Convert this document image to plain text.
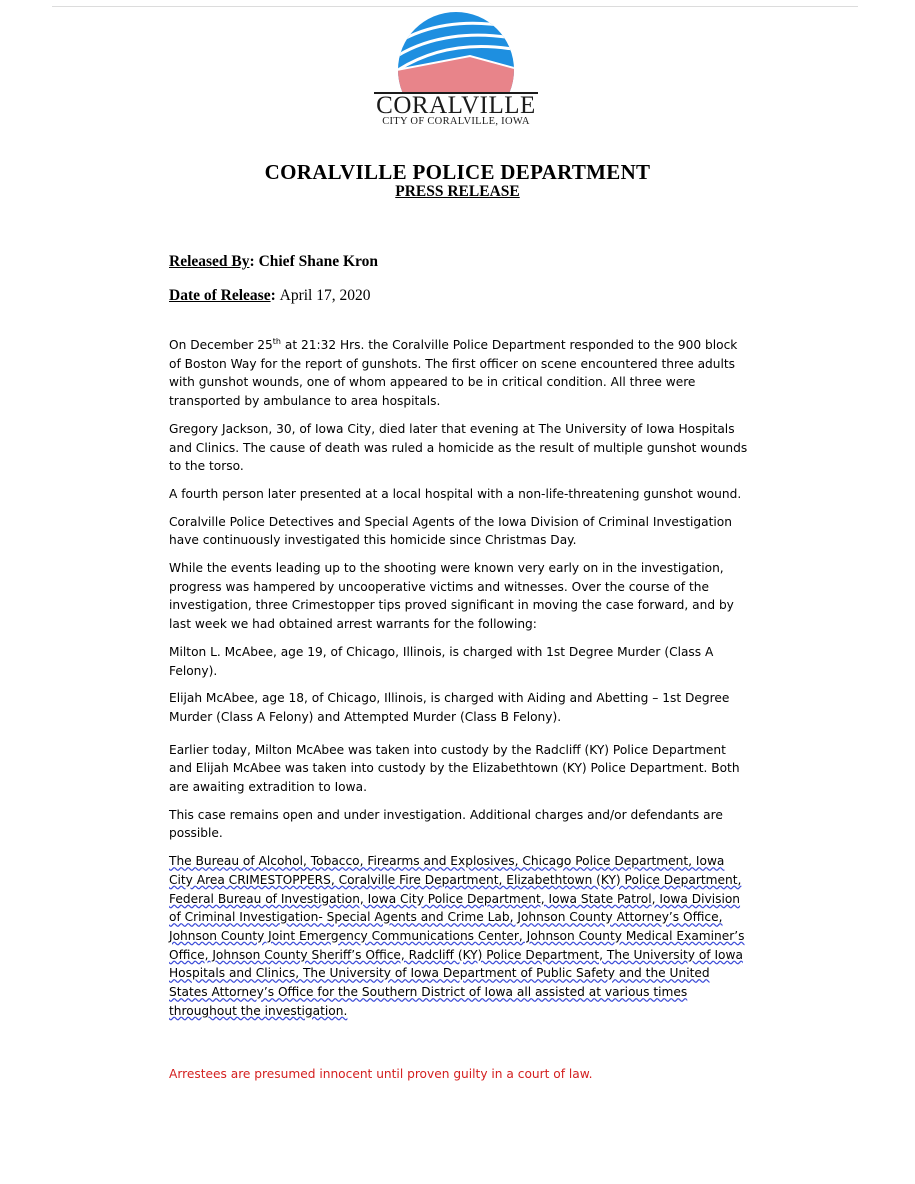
CORALVILLE
CITY OF CORALVILLE, IOWA
CORALVILLE POLICE DEPARTMENT
PRESS RELEASE
Released By: Chief Shane Kron
Date of Release: April 17, 2020

On December 25th at 21:32 Hrs. the Coralville Police Department responded to the 900 block of Boston Way for the report of gunshots. The first officer on scene encountered three adults with gunshot wounds, one of whom appeared to be in critical condition. All three were transported by ambulance to area hospitals.

Gregory Jackson, 30, of Iowa City, died later that evening at The University of Iowa Hospitals and Clinics. The cause of death was ruled a homicide as the result of multiple gunshot wounds to the torso.

A fourth person later presented at a local hospital with a non-life-threatening gunshot wound.

Coralville Police Detectives and Special Agents of the Iowa Division of Criminal Investigation have continuously investigated this homicide since Christmas Day.

While the events leading up to the shooting were known very early on in the investigation, progress was hampered by uncooperative victims and witnesses. Over the course of the investigation, three Crimestopper tips proved significant in moving the case forward, and by last week we had obtained arrest warrants for the following:

Milton L. McAbee, age 19, of Chicago, Illinois, is charged with 1st Degree Murder (Class A Felony).

Elijah McAbee, age 18, of Chicago, Illinois, is charged with Aiding and Abetting – 1st Degree Murder (Class A Felony) and Attempted Murder (Class B Felony).

Earlier today, Milton McAbee was taken into custody by the Radcliff (KY) Police Department and Elijah McAbee was taken into custody by the Elizabethtown (KY) Police Department. Both are awaiting extradition to Iowa.

This case remains open and under investigation. Additional charges and/or defendants are possible.

The Bureau of Alcohol, Tobacco, Firearms and Explosives, Chicago Police Department, Iowa City Area CRIMESTOPPERS, Coralville Fire Department, Elizabethtown (KY) Police Department, Federal Bureau of Investigation, Iowa City Police Department, Iowa State Patrol, Iowa Division of Criminal Investigation- Special Agents and Crime Lab, Johnson County Attorney’s Office, Johnson County Joint Emergency Communications Center, Johnson County Medical Examiner’s Office, Johnson County Sheriff’s Office, Radcliff (KY) Police Department, The University of Iowa Hospitals and Clinics, The University of Iowa Department of Public Safety and the United States Attorney’s Office for the Southern District of Iowa all assisted at various times throughout the investigation.

Arrestees are presumed innocent until proven guilty in a court of law.
